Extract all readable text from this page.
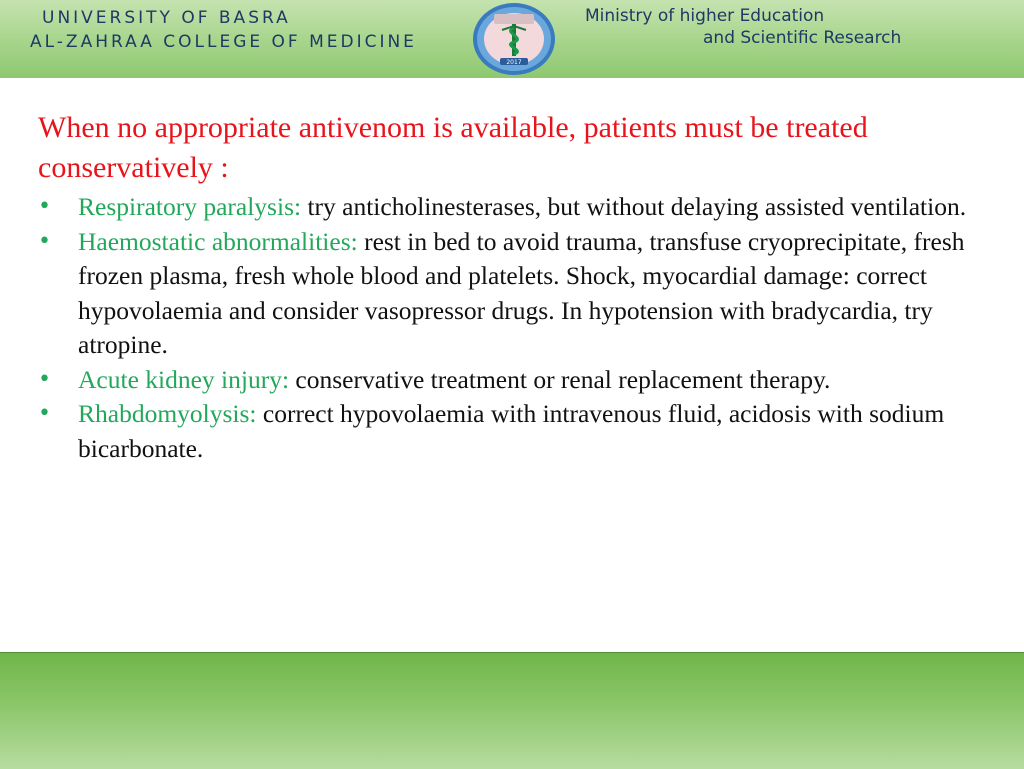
UNIVERSITY OF BASRA
AL-ZAHRAA COLLEGE OF MEDICINE
2017
Ministry of higher Education
and Scientific Research

When no appropriate antivenom is available, patients must be treated conservatively :

• Respiratory paralysis: try anticholinesterases, but without delaying assisted ventilation.
• Haemostatic abnormalities: rest in bed to avoid trauma, transfuse cryoprecipitate, fresh frozen plasma, fresh whole blood and platelets. Shock, myocardial damage: correct hypovolaemia and consider vasopressor drugs. In hypotension with bradycardia, try atropine.
• Acute kidney injury: conservative treatment or renal replacement therapy.
• Rhabdomyolysis: correct hypovolaemia with intravenous fluid, acidosis with sodium bicarbonate.
